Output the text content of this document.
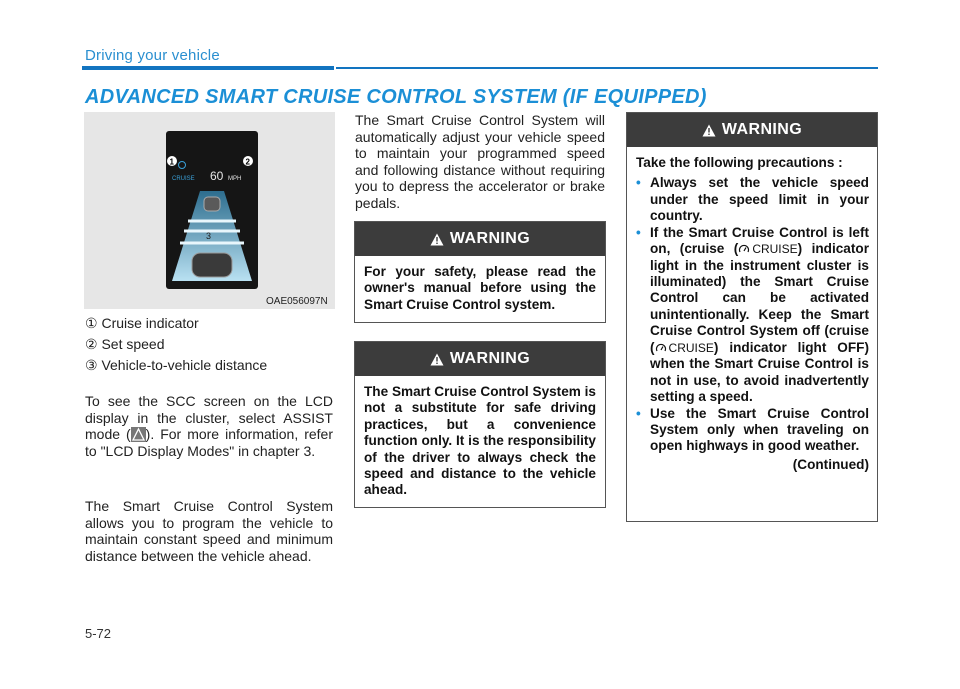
Driving your vehicle
ADVANCED SMART CRUISE CONTROL SYSTEM (IF EQUIPPED)
CRUISE 60 MPH
1	2
3
OAE056097N
① Cruise indicator
② Set speed
③ Vehicle-to-vehicle distance
To see the SCC screen on the LCD display in the cluster, select ASSIST mode ( ). For more information, refer to "LCD Display Modes" in chapter 3.
The Smart Cruise Control System allows you to program the vehicle to maintain constant speed and minimum distance between the vehicle ahead.
The Smart Cruise Control System will automatically adjust your vehicle speed to maintain your programmed speed and following distance without requiring you to depress the accelerator or brake pedals.
WARNING
For your safety, please read the owner's manual before using the Smart Cruise Control system.
WARNING
The Smart Cruise Control System is not a substitute for safe driving practices, but a convenience function only. It is the responsibility of the driver to always check the speed and distance to the vehicle ahead.
WARNING
Take the following precautions :
• Always set the vehicle speed under the speed limit in your country.
• If the Smart Cruise Control is left on, (cruise ( CRUISE ) indicator light in the instrument cluster is illuminated) the Smart Cruise Control can be activated unintentionally. Keep the Smart Cruise Control System off (cruise ( CRUISE ) indicator light OFF) when the Smart Cruise Control is not in use, to avoid inadvertently setting a speed.
• Use the Smart Cruise Control System only when traveling on open highways in good weather.
(Continued)
5-72
